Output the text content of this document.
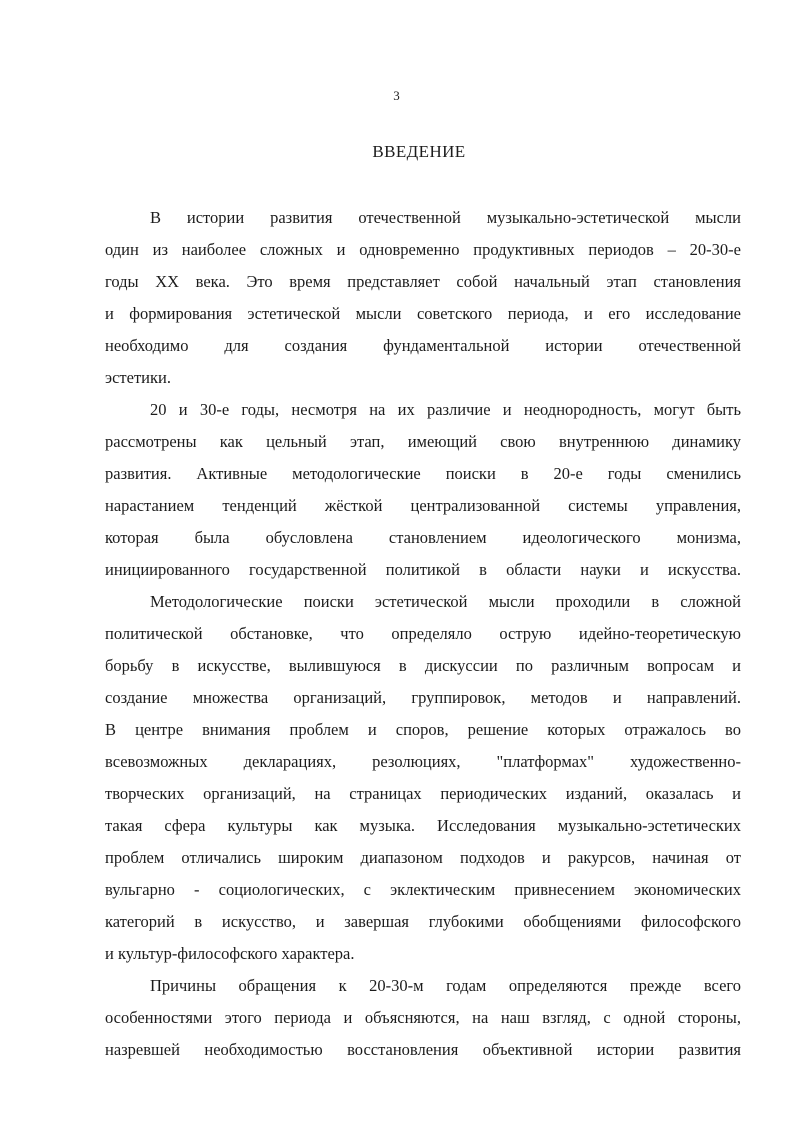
3
ВВЕДЕНИЕ
В истории развития отечественной музыкально-эстетической мысли
один из наиболее сложных и одновременно продуктивных периодов – 20-30-е
годы XX века. Это время представляет собой начальный этап становления
и формирования эстетической мысли советского периода, и его исследование
необходимо для создания фундаментальной истории отечественной
эстетики.
20 и 30-е годы, несмотря на их различие и неоднородность, могут быть
рассмотрены как цельный этап, имеющий свою внутреннюю динамику
развития. Активные методологические поиски в 20-е годы сменились
нарастанием тенденций жёсткой централизованной системы управления,
которая была обусловлена становлением идеологического монизма,
инициированного государственной политикой в области науки и искусства.
Методологические поиски эстетической мысли проходили в сложной
политической обстановке, что определяло острую идейно-теоретическую
борьбу в искусстве, вылившуюся в дискуссии по различным вопросам и
создание множества организаций, группировок, методов и направлений.
В центре внимания проблем и споров, решение которых отражалось во
всевозможных декларациях, резолюциях, "платформах" художественно-
творческих организаций, на страницах периодических изданий, оказалась и
такая сфера культуры как музыка. Исследования музыкально-эстетических
проблем отличались широким диапазоном подходов и ракурсов, начиная от
вульгарно - социологических, с эклектическим привнесением экономических
категорий в искусство, и завершая глубокими обобщениями философского
и культур-философского характера.
Причины обращения к 20-30-м годам определяются прежде всего
особенностями этого периода и объясняются, на наш взгляд, с одной стороны,
назревшей необходимостью восстановления объективной истории развития
